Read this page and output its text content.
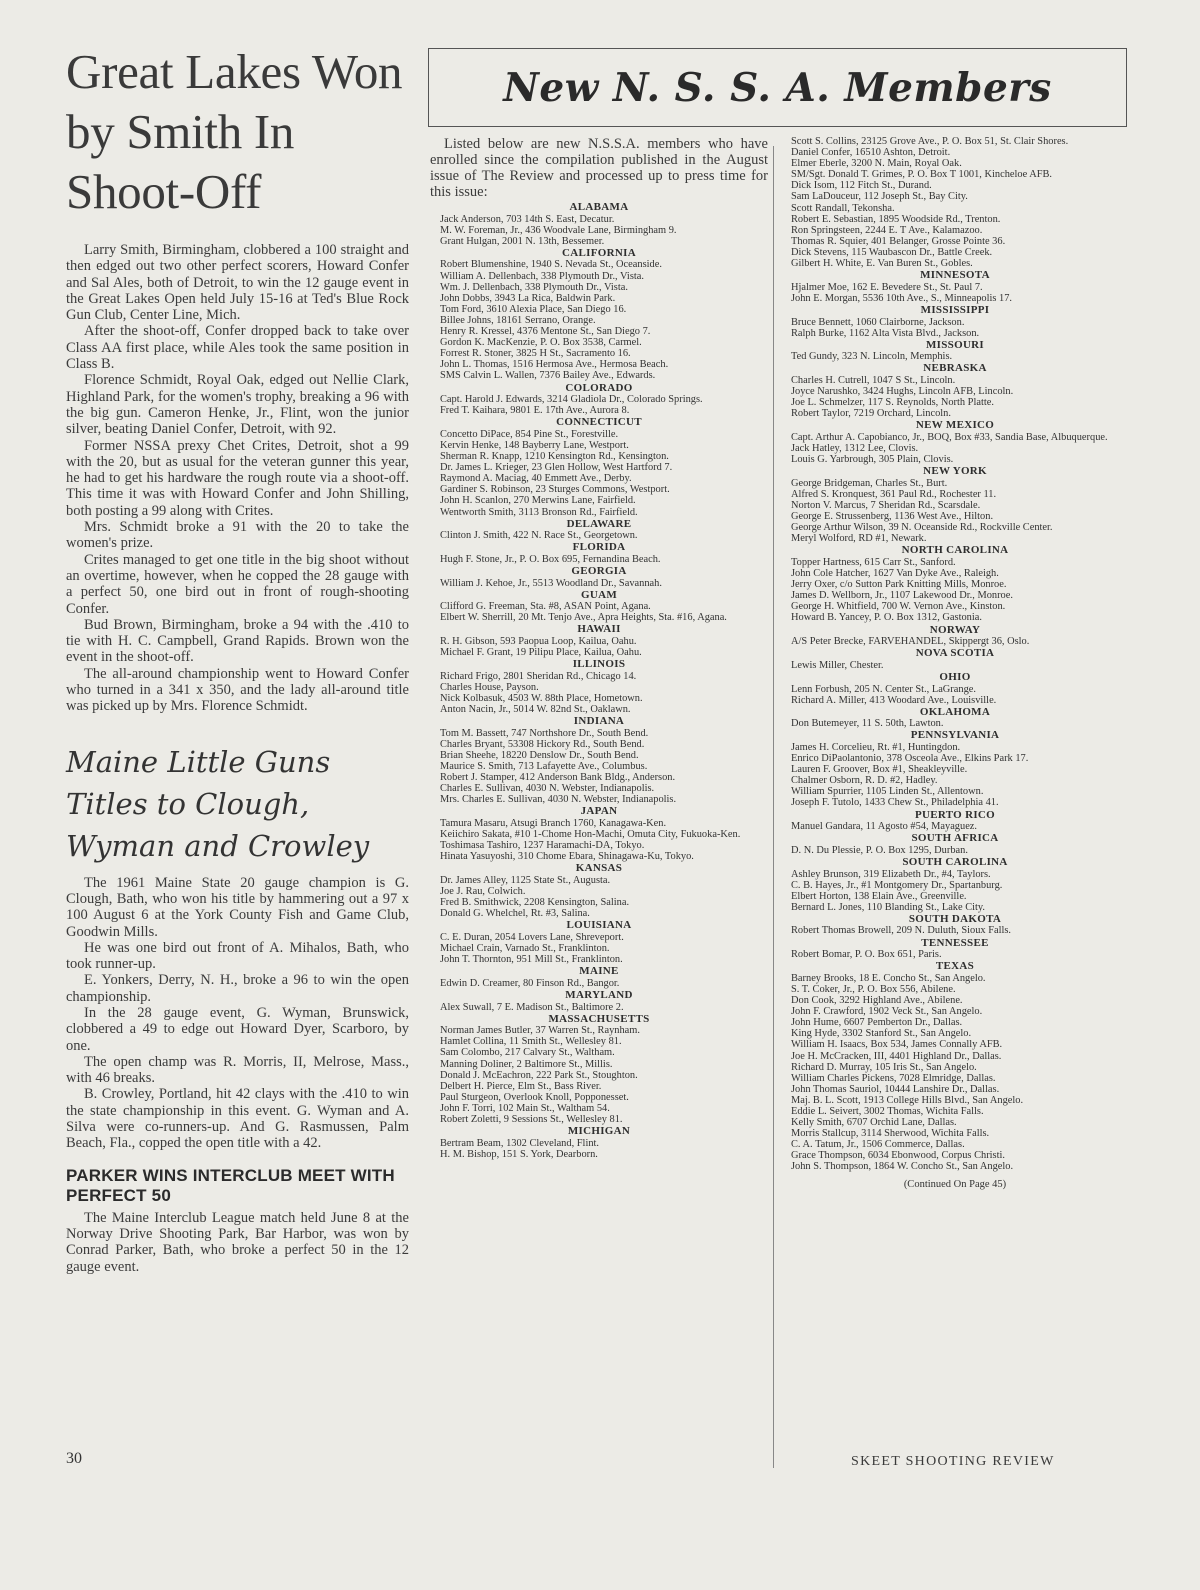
Great Lakes Won by Smith In Shoot-Off

Larry Smith, Birmingham, clobbered a 100 straight and then edged out two other perfect scorers, Howard Confer and Sal Ales, both of Detroit, to win the 12 gauge event in the Great Lakes Open held July 15-16 at Ted's Blue Rock Gun Club, Center Line, Mich.

After the shoot-off, Confer dropped back to take over Class AA first place, while Ales took the same position in Class B.

Florence Schmidt, Royal Oak, edged out Nellie Clark, Highland Park, for the women's trophy, breaking a 96 with the big gun. Cameron Henke, Jr., Flint, won the junior silver, beating Daniel Confer, Detroit, with 92.

Former NSSA prexy Chet Crites, Detroit, shot a 99 with the 20, but as usual for the veteran gunner this year, he had to get his hardware the rough route via a shoot-off. This time it was with Howard Confer and John Shilling, both posting a 99 along with Crites.

Mrs. Schmidt broke a 91 with the 20 to take the women's prize.

Crites managed to get one title in the big shoot without an overtime, however, when he copped the 28 gauge with a perfect 50, one bird out in front of rough-shooting Confer.

Bud Brown, Birmingham, broke a 94 with the .410 to tie with H. C. Campbell, Grand Rapids. Brown won the event in the shoot-off.

The all-around championship went to Howard Confer who turned in a 341 x 350, and the lady all-around title was picked up by Mrs. Florence Schmidt.

Maine Little Guns Titles to Clough, Wyman and Crowley

The 1961 Maine State 20 gauge champion is G. Clough, Bath, who won his title by hammering out a 97 x 100 August 6 at the York County Fish and Game Club, Goodwin Mills.

He was one bird out front of A. Mihalos, Bath, who took runner-up.

E. Yonkers, Derry, N. H., broke a 96 to win the open championship.

In the 28 gauge event, G. Wyman, Brunswick, clobbered a 49 to edge out Howard Dyer, Scarboro, by one.

The open champ was R. Morris, II, Melrose, Mass., with 46 breaks.

B. Crowley, Portland, hit 42 clays with the .410 to win the state championship in this event. G. Wyman and A. Silva were co-runners-up. And G. Rasmussen, Palm Beach, Fla., copped the open title with a 42.

PARKER WINS INTERCLUB MEET WITH PERFECT 50

The Maine Interclub League match held June 8 at the Norway Drive Shooting Park, Bar Harbor, was won by Conrad Parker, Bath, who broke a perfect 50 in the 12 gauge event.

New N. S. S. A. Members

Listed below are new N.S.S.A. members who have enrolled since the compilation published in the August issue of The Review and processed up to press time for this issue:

ALABAMA
Jack Anderson, 703 14th S. East, Decatur.
M. W. Foreman, Jr., 436 Woodvale Lane, Birmingham 9.
Grant Hulgan, 2001 N. 13th, Bessemer.
CALIFORNIA
Robert Blumenshine, 1940 S. Nevada St., Oceanside.
William A. Dellenbach, 338 Plymouth Dr., Vista.
Wm. J. Dellenbach, 338 Plymouth Dr., Vista.
John Dobbs, 3943 La Rica, Baldwin Park.
Tom Ford, 3610 Alexia Place, San Diego 16.
Billee Johns, 18161 Serrano, Orange.
Henry R. Kressel, 4376 Mentone St., San Diego 7.
Gordon K. MacKenzie, P. O. Box 3538, Carmel.
Forrest R. Stoner, 3825 H St., Sacramento 16.
John L. Thomas, 1516 Hermosa Ave., Hermosa Beach.
SMS Calvin L. Wallen, 7376 Bailey Ave., Edwards.
COLORADO
Capt. Harold J. Edwards, 3214 Gladiola Dr., Colorado Springs.
Fred T. Kaihara, 9801 E. 17th Ave., Aurora 8.
CONNECTICUT
Concetto DiPace, 854 Pine St., Forestville.
Kervin Henke, 148 Bayberry Lane, Westport.
Sherman R. Knapp, 1210 Kensington Rd., Kensington.
Dr. James L. Krieger, 23 Glen Hollow, West Hartford 7.
Raymond A. Maciag, 40 Emmett Ave., Derby.
Gardiner S. Robinson, 23 Sturges Commons, Westport.
John H. Scanlon, 270 Merwins Lane, Fairfield.
Wentworth Smith, 3113 Bronson Rd., Fairfield.
DELAWARE
Clinton J. Smith, 422 N. Race St., Georgetown.
FLORIDA
Hugh F. Stone, Jr., P. O. Box 695, Fernandina Beach.
GEORGIA
William J. Kehoe, Jr., 5513 Woodland Dr., Savannah.
GUAM
Clifford G. Freeman, Sta. #8, ASAN Point, Agana.
Elbert W. Sherrill, 20 Mt. Tenjo Ave., Apra Heights, Sta. #16, Agana.
HAWAII
R. H. Gibson, 593 Paopua Loop, Kailua, Oahu.
Michael F. Grant, 19 Pilipu Place, Kailua, Oahu.
ILLINOIS
Richard Frigo, 2801 Sheridan Rd., Chicago 14.
Charles House, Payson.
Nick Kolbasuk, 4503 W. 88th Place, Hometown.
Anton Nacin, Jr., 5014 W. 82nd St., Oaklawn.
INDIANA
Tom M. Bassett, 747 Northshore Dr., South Bend.
Charles Bryant, 53308 Hickory Rd., South Bend.
Brian Sheehe, 18220 Denslow Dr., South Bend.
Maurice S. Smith, 713 Lafayette Ave., Columbus.
Robert J. Stamper, 412 Anderson Bank Bldg., Anderson.
Charles E. Sullivan, 4030 N. Webster, Indianapolis.
Mrs. Charles E. Sullivan, 4030 N. Webster, Indianapolis.
JAPAN
Tamura Masaru, Atsugi Branch 1760, Kanagawa-Ken.
Keiichiro Sakata, #10 1-Chome Hon-Machi, Omuta City, Fukuoka-Ken.
Toshimasa Tashiro, 1237 Haramachi-DA, Tokyo.
Hinata Yasuyoshi, 310 Chome Ebara, Shinagawa-Ku, Tokyo.
KANSAS
Dr. James Alley, 1125 State St., Augusta.
Joe J. Rau, Colwich.
Fred B. Smithwick, 2208 Kensington, Salina.
Donald G. Whelchel, Rt. #3, Salina.
LOUISIANA
C. E. Duran, 2054 Lovers Lane, Shreveport.
Michael Crain, Varnado St., Franklinton.
John T. Thornton, 951 Mill St., Franklinton.
MAINE
Edwin D. Creamer, 80 Finson Rd., Bangor.
MARYLAND
Alex Suwall, 7 E. Madison St., Baltimore 2.
MASSACHUSETTS
Norman James Butler, 37 Warren St., Raynham.
Hamlet Collina, 11 Smith St., Wellesley 81.
Sam Colombo, 217 Calvary St., Waltham.
Manning Doliner, 2 Baltimore St., Millis.
Donald J. McEachron, 222 Park St., Stoughton.
Delbert H. Pierce, Elm St., Bass River.
Paul Sturgeon, Overlook Knoll, Popponesset.
John F. Torri, 102 Main St., Waltham 54.
Robert Zoletti, 9 Sessions St., Wellesley 81.
MICHIGAN
Bertram Beam, 1302 Cleveland, Flint.
H. M. Bishop, 151 S. York, Dearborn.
Scott S. Collins, 23125 Grove Ave., P. O. Box 51, St. Clair Shores.
Daniel Confer, 16510 Ashton, Detroit.
Elmer Eberle, 3200 N. Main, Royal Oak.
SM/Sgt. Donald T. Grimes, P. O. Box T 1001, Kincheloe AFB.
Dick Isom, 112 Fitch St., Durand.
Sam LaDouceur, 112 Joseph St., Bay City.
Scott Randall, Tekonsha.
Robert E. Sebastian, 1895 Woodside Rd., Trenton.
Ron Springsteen, 2244 E. T Ave., Kalamazoo.
Thomas R. Squier, 401 Belanger, Grosse Pointe 36.
Dick Stevens, 115 Waubascon Dr., Battle Creek.
Gilbert H. White, E. Van Buren St., Gobles.
MINNESOTA
Hjalmer Moe, 162 E. Bevedere St., St. Paul 7.
John E. Morgan, 5536 10th Ave., S., Minneapolis 17.
MISSISSIPPI
Bruce Bennett, 1060 Clairborne, Jackson.
Ralph Burke, 1162 Alta Vista Blvd., Jackson.
MISSOURI
Ted Gundy, 323 N. Lincoln, Memphis.
NEBRASKA
Charles H. Cutrell, 1047 S St., Lincoln.
Joyce Narushko, 3424 Hughs, Lincoln AFB, Lincoln.
Joe L. Schmelzer, 117 S. Reynolds, North Platte.
Robert Taylor, 7219 Orchard, Lincoln.
NEW MEXICO
Capt. Arthur A. Capobianco, Jr., BOQ, Box #33, Sandia Base, Albuquerque.
Jack Hatley, 1312 Lee, Clovis.
Louis G. Yarbrough, 305 Plain, Clovis.
NEW YORK
George Bridgeman, Charles St., Burt.
Alfred S. Kronquest, 361 Paul Rd., Rochester 11.
Norton V. Marcus, 7 Sheridan Rd., Scarsdale.
George E. Strussenberg, 1136 West Ave., Hilton.
George Arthur Wilson, 39 N. Oceanside Rd., Rockville Center.
Meryl Wolford, RD #1, Newark.
NORTH CAROLINA
Topper Hartness, 615 Carr St., Sanford.
John Cole Hatcher, 1627 Van Dyke Ave., Raleigh.
Jerry Oxer, c/o Sutton Park Knitting Mills, Monroe.
James D. Wellborn, Jr., 1107 Lakewood Dr., Monroe.
George H. Whitfield, 700 W. Vernon Ave., Kinston.
Howard B. Yancey, P. O. Box 1312, Gastonia.
NORWAY
A/S Peter Brecke, FARVEHANDEL, Skippergt 36, Oslo.
NOVA SCOTIA
Lewis Miller, Chester.
OHIO
Lenn Forbush, 205 N. Center St., LaGrange.
Richard A. Miller, 413 Woodard Ave., Louisville.
OKLAHOMA
Don Butemeyer, 11 S. 50th, Lawton.
PENNSYLVANIA
James H. Corcelieu, Rt. #1, Huntingdon.
Enrico DiPaolantonio, 378 Osceola Ave., Elkins Park 17.
Lauren F. Groover, Box #1, Sheakleyville.
Chalmer Osborn, R. D. #2, Hadley.
William Spurrier, 1105 Linden St., Allentown.
Joseph F. Tutolo, 1433 Chew St., Philadelphia 41.
PUERTO RICO
Manuel Gandara, 11 Agosto #54, Mayaguez.
SOUTH AFRICA
D. N. Du Plessie, P. O. Box 1295, Durban.
SOUTH CAROLINA
Ashley Brunson, 319 Elizabeth Dr., #4, Taylors.
C. B. Hayes, Jr., #1 Montgomery Dr., Spartanburg.
Elbert Horton, 138 Elain Ave., Greenville.
Bernard L. Jones, 110 Blanding St., Lake City.
SOUTH DAKOTA
Robert Thomas Browell, 209 N. Duluth, Sioux Falls.
TENNESSEE
Robert Bomar, P. O. Box 651, Paris.
TEXAS
Barney Brooks, 18 E. Concho St., San Angelo.
S. T. Coker, Jr., P. O. Box 556, Abilene.
Don Cook, 3292 Highland Ave., Abilene.
John F. Crawford, 1902 Veck St., San Angelo.
John Hume, 6607 Pemberton Dr., Dallas.
King Hyde, 3302 Stanford St., San Angelo.
William H. Isaacs, Box 534, James Connally AFB.
Joe H. McCracken, III, 4401 Highland Dr., Dallas.
Richard D. Murray, 105 Iris St., San Angelo.
William Charles Pickens, 7028 Elmridge, Dallas.
John Thomas Sauriol, 10444 Lanshire Dr., Dallas.
Maj. B. L. Scott, 1913 College Hills Blvd., San Angelo.
Eddie L. Seivert, 3002 Thomas, Wichita Falls.
Kelly Smith, 6707 Orchid Lane, Dallas.
Morris Stallcup, 3114 Sherwood, Wichita Falls.
C. A. Tatum, Jr., 1506 Commerce, Dallas.
Grace Thompson, 6034 Ebonwood, Corpus Christi.
John S. Thompson, 1864 W. Concho St., San Angelo.
(Continued On Page 45)
30	SKEET SHOOTING REVIEW
